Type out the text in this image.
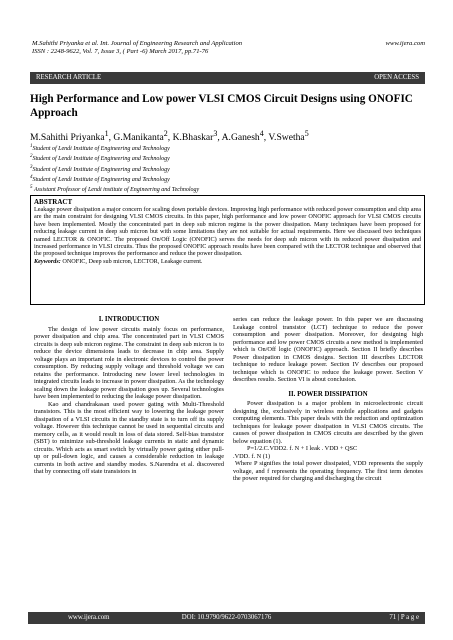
M.Sahithi Priyanka et al. Int. Journal of Engineering Research and Application
ISSN : 2248-9622, Vol. 7, Issue 3, ( Part -6) March 2017, pp.71-76
www.ijera.com
RESEARCH ARTICLE	OPEN ACCESS
High Performance and Low power VLSI CMOS Circuit Designs using ONOFIC Approach
M.Sahithi Priyanka$^1$, G.Manikanta$^2$, K.Bhaskar$^3$, A.Ganesh$^4$, V.Swetha$^5$
$^1$Student of Lendi Institute of Engineering and Technology
$^2$Student of Lendi Institute of Engineering and Technology
$^3$Student of Lendi Institute of Engineering and Technology
$^4$Student of Lendi Institute of Engineering and Technology
$^5$ Assistant Professor of Lendi institute of Engineering and Technology
ABSTRACT
Leakage power dissipation a major concern for scaling down portable devices. Improving high performance with reduced power consumption and chip area are the main constraint for designing VLSI CMOS circuits. In this paper, high performance and low power ONOFIC approach for VLSI CMOS circuits have been implemented. Mostly the concentrated part in deep sub micron regime is the power dissipation. Many techniques have been proposed for reducing leakage current in deep sub micron but with some limitations they are not suitable for actual requirements. Here we discussed two techniques named LECTOR & ONOFIC. The proposed On/Off Logic (ONOFIC) serves the needs for deep sub micron with its reduced power dissipation and increased performance in VLSI circuits. Thus the proposed ONOFIC approach results have been compared with the LECTOR technique and observed that the proposed technique improves the performance and reduce the power dissipation.
Keywords: ONOFIC, Deep sub micron, LECTOR, Leakage current.
I. INTRODUCTION

The design of low power circuits mainly focus on performance, power dissipation and chip area. The concentrated part in VLSI CMOS circuits is deep sub micron regime. The constraint in deep sub micron is to reduce the device dimensions leads to decrease in chip area. Supply voltage plays an important role in electronic devices to control the power consumption. By reducing supply voltage and threshold voltage we can retains the performance. Introducing new lower level technologies in integrated circuits leads to increase in power dissipation. As the technology scaling down the leakage power dissipation goes up. Several technologies have been implemented to reducing the leakage power dissipation.

Kao and chandrakasan used power gating with Multi-Threshold transistors. This is the most efficient way to lowering the leakage power dissipation of a VLSI circuits in the standby state is to turn off its supply voltage. However this technique cannot be used in sequential circuits and memory cells, as it would result in loss of data stored. Self-bias transistor (SBT) to minimize sub-threshold leakage currents in static and dynamic circuits. Which acts as smart switch by virtually power gating either pull-up or pull-down logic, and causes a considerable reduction in leakage currents in both active and standby modes. S.Narendra et al. discovered that by connecting off state transistors in

series can reduce the leakage power. In this paper we are discussing Leakage control transistor (LCT) technique to reduce the power consumption and power dissipation. Moreover, for designing high performance and low power CMOS circuits a new method is implemented which is On/Off logic (ONOFIC) approach. Section II briefly describes Power dissipation in CMOS designs. Section III describes LECTOR technique to reduce leakage power. Section IV describes our proposed technique which is ONOFIC to reduce the leakage power. Section V describes results. Section VI is about conclusion.

II. POWER DISSIPATION

Power dissipation is a major problem in microelectronic circuit designing the, exclusively in wireless mobile applications and gadgets computing elements. This paper deals with the reduction and optimization techniques for leakage power dissipation in VLSI CMOS circuits. The causes of power dissipation in CMOS circuits are described by the given below equation (1).

P=1/2.C.VDD2. f. N + I leak . VDD + QSC

.VDD. f. N (1)

Where P signifies the total power dissipated, VDD represents the supply voltage, and f represents the operating frequency. The first term denotes the power required for charging and discharging the circuit

www.ijera.com	DOI: 10.9790/9622-0703067176	71 | P a g e
